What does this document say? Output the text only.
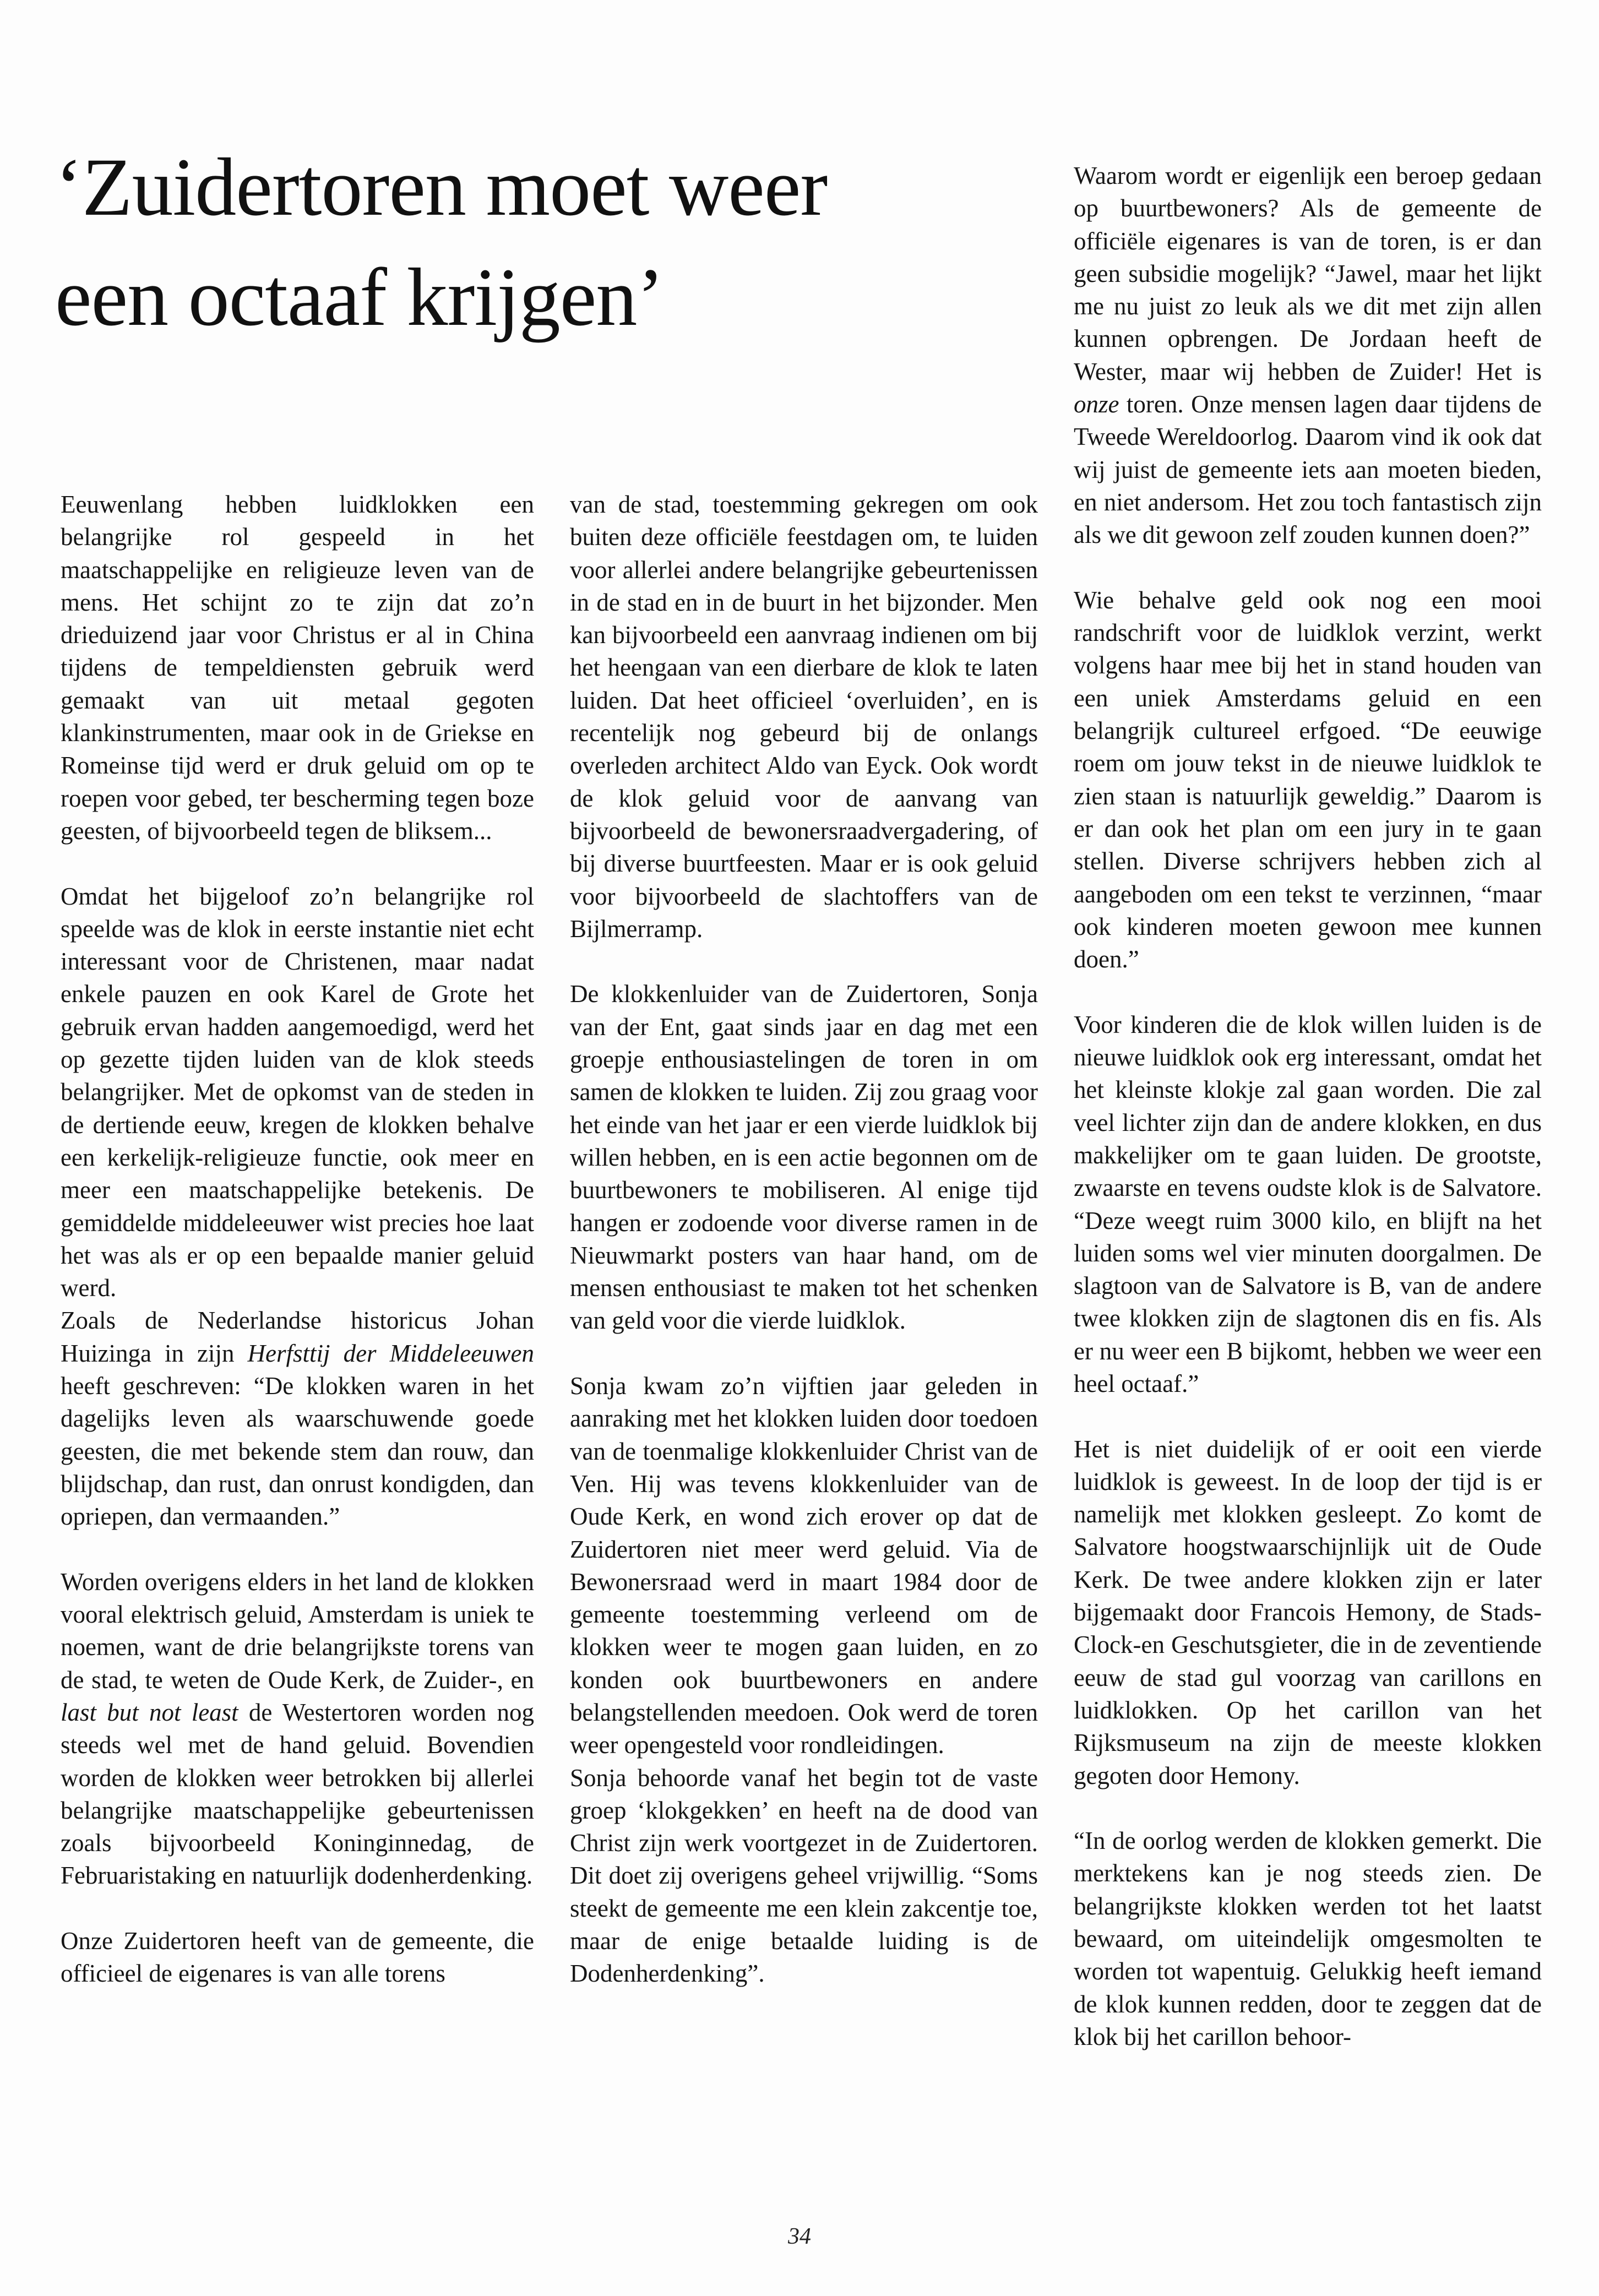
‘Zuidertoren moet weer
een octaaf krijgen’

Eeuwenlang hebben luidklokken een belangrijke rol gespeeld in het maatschappelijke en religieuze leven van de mens. Het schijnt zo te zijn dat zo’n drieduizend jaar voor Christus er al in China tijdens de tempeldiensten gebruik werd gemaakt van uit metaal gegoten klankinstrumenten, maar ook in de Griekse en Romeinse tijd werd er druk geluid om op te roepen voor gebed, ter bescherming tegen boze geesten, of bijvoorbeeld tegen de bliksem...

Omdat het bijgeloof zo’n belangrijke rol speelde was de klok in eerste instantie niet echt interessant voor de Christenen, maar nadat enkele pauzen en ook Karel de Grote het gebruik ervan hadden aangemoedigd, werd het op gezette tijden luiden van de klok steeds belangrijker. Met de opkomst van de steden in de dertiende eeuw, kregen de klokken behalve een kerkelijk-religieuze functie, ook meer en meer een maatschappelijke betekenis. De gemiddelde middeleeuwer wist precies hoe laat het was als er op een bepaalde manier geluid werd.

Zoals de Nederlandse historicus Johan Huizinga in zijn Herfsttij der Middeleeuwen heeft geschreven: “De klokken waren in het dagelijks leven als waarschuwende goede geesten, die met bekende stem dan rouw, dan blijdschap, dan rust, dan onrust kondigden, dan opriepen, dan vermaanden.”

Worden overigens elders in het land de klokken vooral elektrisch geluid, Amsterdam is uniek te noemen, want de drie belangrijkste torens van de stad, te weten de Oude Kerk, de Zuider-, en last but not least de Westertoren worden nog steeds wel met de hand geluid. Bovendien worden de klokken weer betrokken bij allerlei belangrijke maatschappelijke gebeurtenissen zoals bijvoorbeeld Koninginnedag, de Februaristaking en natuurlijk dodenherdenking.

Onze Zuidertoren heeft van de gemeente, die officieel de eigenares is van alle torens

van de stad, toestemming gekregen om ook buiten deze officiële feestdagen om, te luiden voor allerlei andere belangrijke gebeurtenissen in de stad en in de buurt in het bijzonder. Men kan bijvoorbeeld een aanvraag indienen om bij het heengaan van een dierbare de klok te laten luiden. Dat heet officieel ‘overluiden’, en is recentelijk nog gebeurd bij de onlangs overleden architect Aldo van Eyck. Ook wordt de klok geluid voor de aanvang van bijvoorbeeld de bewonersraadvergadering, of bij diverse buurtfeesten. Maar er is ook geluid voor bijvoorbeeld de slachtoffers van de Bijlmerramp.

De klokkenluider van de Zuidertoren, Sonja van der Ent, gaat sinds jaar en dag met een groepje enthousiastelingen de toren in om samen de klokken te luiden. Zij zou graag voor het einde van het jaar er een vierde luidklok bij willen hebben, en is een actie begonnen om de buurtbewoners te mobiliseren. Al enige tijd hangen er zodoende voor diverse ramen in de Nieuwmarkt posters van haar hand, om de mensen enthousiast te maken tot het schenken van geld voor die vierde luidklok.

Sonja kwam zo’n vijftien jaar geleden in aanraking met het klokken luiden door toedoen van de toenmalige klokkenluider Christ van de Ven. Hij was tevens klokkenluider van de Oude Kerk, en wond zich erover op dat de Zuidertoren niet meer werd geluid. Via de Bewonersraad werd in maart 1984 door de gemeente toestemming verleend om de klokken weer te mogen gaan luiden, en zo konden ook buurtbewoners en andere belangstellenden meedoen. Ook werd de toren weer opengesteld voor rondleidingen.

Sonja behoorde vanaf het begin tot de vaste groep ‘klokgekken’ en heeft na de dood van Christ zijn werk voortgezet in de Zuidertoren. Dit doet zij overigens geheel vrijwillig. “Soms steekt de gemeente me een klein zakcentje toe, maar de enige betaalde luiding is de Dodenherdenking”.

Waarom wordt er eigenlijk een beroep gedaan op buurtbewoners? Als de gemeente de officiële eigenares is van de toren, is er dan geen subsidie mogelijk? “Jawel, maar het lijkt me nu juist zo leuk als we dit met zijn allen kunnen opbrengen. De Jordaan heeft de Wester, maar wij hebben de Zuider! Het is onze toren. Onze mensen lagen daar tijdens de Tweede Wereldoorlog. Daarom vind ik ook dat wij juist de gemeente iets aan moeten bieden, en niet andersom. Het zou toch fantastisch zijn als we dit gewoon zelf zouden kunnen doen?”

Wie behalve geld ook nog een mooi randschrift voor de luidklok verzint, werkt volgens haar mee bij het in stand houden van een uniek Amsterdams geluid en een belangrijk cultureel erfgoed. “De eeuwige roem om jouw tekst in de nieuwe luidklok te zien staan is natuurlijk geweldig.” Daarom is er dan ook het plan om een jury in te gaan stellen. Diverse schrijvers hebben zich al aangeboden om een tekst te verzinnen, “maar ook kinderen moeten gewoon mee kunnen doen.”

Voor kinderen die de klok willen luiden is de nieuwe luidklok ook erg interessant, omdat het het kleinste klokje zal gaan worden. Die zal veel lichter zijn dan de andere klokken, en dus makkelijker om te gaan luiden. De grootste, zwaarste en tevens oudste klok is de Salvatore. “Deze weegt ruim 3000 kilo, en blijft na het luiden soms wel vier minuten doorgalmen. De slagtoon van de Salvatore is B, van de andere twee klokken zijn de slagtonen dis en fis. Als er nu weer een B bijkomt, hebben we weer een heel octaaf.”

Het is niet duidelijk of er ooit een vierde luidklok is geweest. In de loop der tijd is er namelijk met klokken gesleept. Zo komt de Salvatore hoogstwaarschijnlijk uit de Oude Kerk. De twee andere klokken zijn er later bijgemaakt door Francois Hemony, de Stads-Clock-en Geschutsgieter, die in de zeventiende eeuw de stad gul voorzag van carillons en luidklokken. Op het carillon van het Rijksmuseum na zijn de meeste klokken gegoten door Hemony.

“In de oorlog werden de klokken gemerkt. Die merktekens kan je nog steeds zien. De belangrijkste klokken werden tot het laatst bewaard, om uiteindelijk omgesmolten te worden tot wapentuig. Gelukkig heeft iemand de klok kunnen redden, door te zeggen dat de klok bij het carillon behoor-

34
